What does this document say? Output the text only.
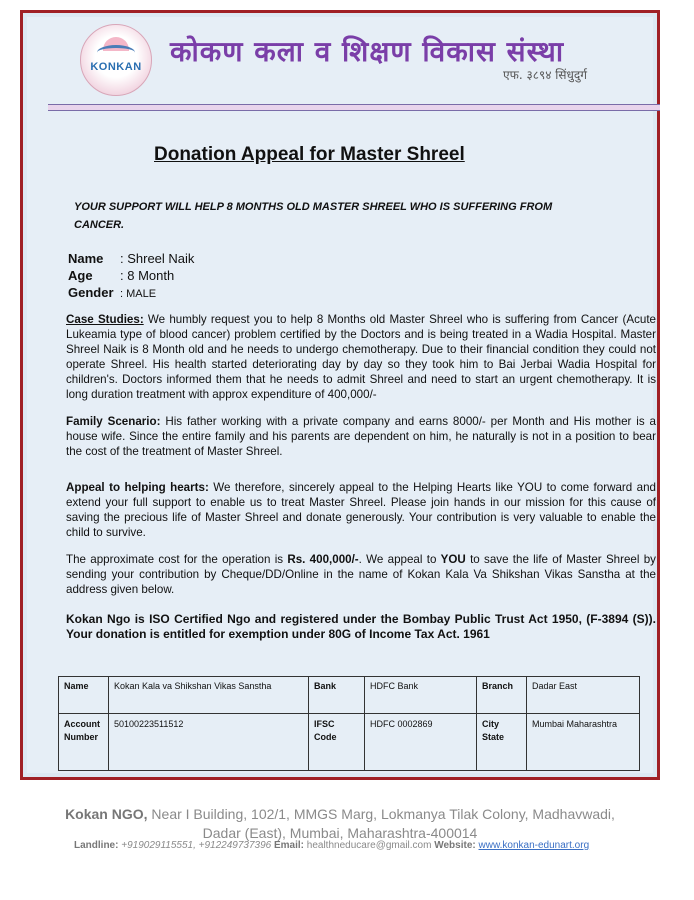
KONKAN	कोकण कला व शिक्षण विकास संस्था
एफ. ३८९४ सिंधुदुर्ग
Donation Appeal for Master Shreel
YOUR SUPPORT WILL HELP 8 MONTHS OLD MASTER SHREEL WHO IS SUFFERING FROM CANCER.
Name : Shreel Naik
Age : 8 Month
Gender : MALE
Case Studies: We humbly request you to help 8 Months old Master Shreel who is suffering from Cancer (Acute Lukeamia type of blood cancer) problem certified by the Doctors and is being treated in a Wadia Hospital. Master Shreel Naik is 8 Month old and he needs to undergo chemotherapy. Due to their financial condition they could not operate Shreel. His health started deteriorating day by day so they took him to Bai Jerbai Wadia Hospital for children's. Doctors informed them that he needs to admit Shreel and need to start an urgent chemotherapy. It is long duration treatment with approx expenditure of 400,000/-
Family Scenario: His father working with a private company and earns 8000/- per Month and His mother is a house wife. Since the entire family and his parents are dependent on him, he naturally is not in a position to bear the cost of the treatment of Master Shreel.
Appeal to helping hearts: We therefore, sincerely appeal to the Helping Hearts like YOU to come forward and extend your full support to enable us to treat Master Shreel. Please join hands in our mission for this cause of saving the precious life of Master Shreel and donate generously. Your contribution is very valuable to enable the child to survive.
The approximate cost for the operation is Rs. 400,000/-. We appeal to YOU to save the life of Master Shreel by sending your contribution by Cheque/DD/Online in the name of Kokan Kala Va Shikshan Vikas Sanstha at the address given below.
Kokan Ngo is ISO Certified Ngo and registered under the Bombay Public Trust Act 1950, (F-3894 (S)). Your donation is entitled for exemption under 80G of Income Tax Act. 1961
Name	Kokan Kala va Shikshan Vikas Sanstha	Bank	HDFC Bank	Branch	Dadar East
Account Number	50100223511512	IFSC Code	HDFC 0002869	City State	Mumbai Maharashtra
Kokan NGO, Near I Building, 102/1, MMGS Marg, Lokmanya Tilak Colony, Madhavwadi, Dadar (East), Mumbai, Maharashtra-400014
Landline: +919029115551, +912249737396 Email: healthneducare@gmail.com Website: www.konkan-edunart.org
